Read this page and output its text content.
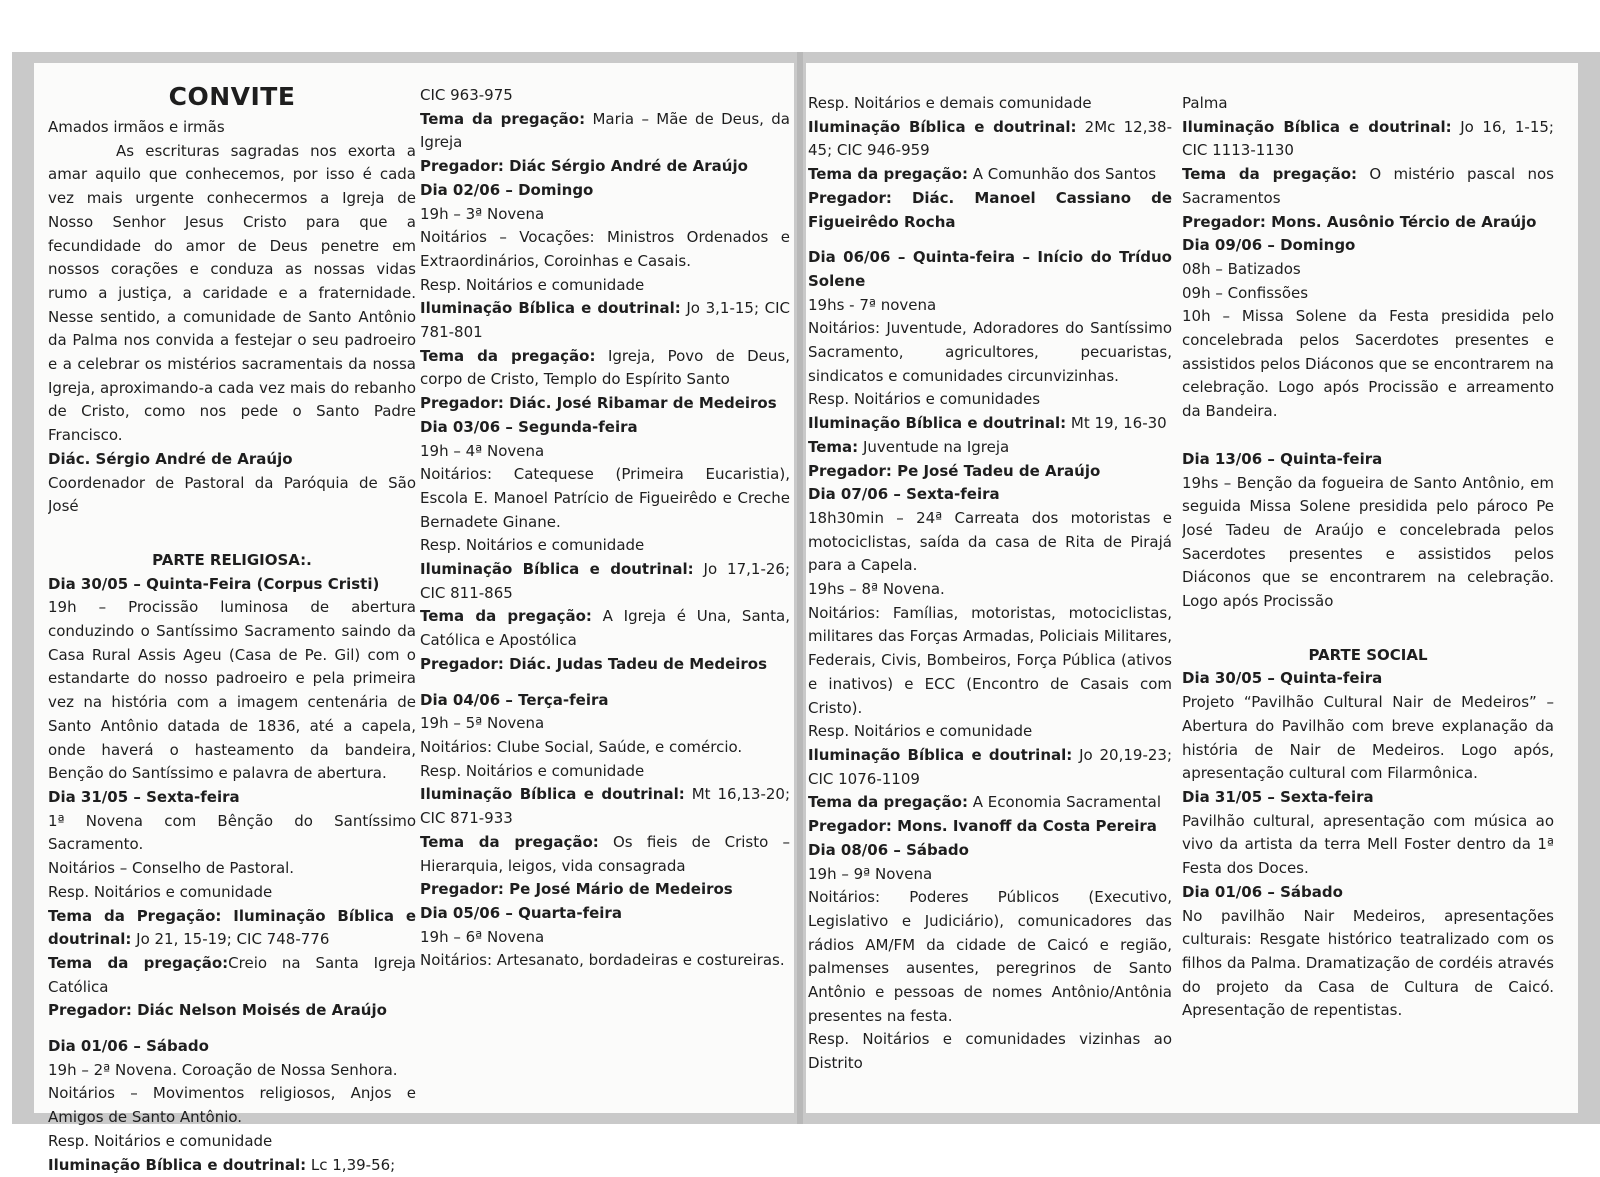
CONVITE

Amados irmãos e irmãs

As escrituras sagradas nos exorta a amar aquilo que conhecemos, por isso é cada vez mais urgente conhecermos a Igreja de Nosso Senhor Jesus Cristo para que a fecundidade do amor de Deus penetre em nossos corações e conduza as nossas vidas rumo a justiça, a caridade e a fraternidade. Nesse sentido, a comunidade de Santo Antônio da Palma nos convida a festejar o seu padroeiro e a celebrar os mistérios sacramentais da nossa Igreja, aproximando-a cada vez mais do rebanho de Cristo, como nos pede o Santo Padre Francisco.

Diác. Sérgio André de Araújo

Coordenador de Pastoral da Paróquia de São José

PARTE RELIGIOSA:.

Dia 30/05 – Quinta-Feira (Corpus Cristi)

19h – Procissão luminosa de abertura conduzindo o Santíssimo Sacramento saindo da Casa Rural Assis Ageu (Casa de Pe. Gil) com o estandarte do nosso padroeiro e pela primeira vez na história com a imagem centenária de Santo Antônio datada de 1836, até a capela, onde haverá o hasteamento da bandeira, Benção do Santíssimo e palavra de abertura.

Dia 31/05 – Sexta-feira

1ª Novena com Bênção do Santíssimo Sacramento.

Noitários – Conselho de Pastoral.

Resp. Noitários e comunidade

Tema da Pregação: Iluminação Bíblica e doutrinal: Jo 21, 15-19; CIC 748-776

Tema da pregação:Creio na Santa Igreja Católica

Pregador: Diác Nelson Moisés de Araújo

Dia 01/06 – Sábado

19h – 2ª Novena. Coroação de Nossa Senhora.

Noitários – Movimentos religiosos, Anjos e Amigos de Santo Antônio.

Resp. Noitários e comunidade

Iluminação Bíblica e doutrinal: Lc 1,39-56;

CIC 963-975

Tema da pregação: Maria – Mãe de Deus, da Igreja

Pregador: Diác Sérgio André de Araújo

Dia 02/06 – Domingo

19h – 3ª Novena

Noitários – Vocações: Ministros Ordenados e Extraordinários, Coroinhas e Casais.

Resp. Noitários e comunidade

Iluminação Bíblica e doutrinal: Jo 3,1-15; CIC 781-801

Tema da pregação: Igreja, Povo de Deus, corpo de Cristo, Templo do Espírito Santo

Pregador: Diác. José Ribamar de Medeiros

Dia 03/06 – Segunda-feira

19h – 4ª Novena

Noitários: Catequese (Primeira Eucaristia), Escola E. Manoel Patrício de Figueirêdo e Creche Bernadete Ginane.

Resp. Noitários e comunidade

Iluminação Bíblica e doutrinal: Jo 17,1-26; CIC 811-865

Tema da pregação: A Igreja é Una, Santa, Católica e Apostólica

Pregador: Diác. Judas Tadeu de Medeiros

Dia 04/06 – Terça-feira

19h – 5ª Novena

Noitários: Clube Social, Saúde, e comércio.

Resp. Noitários e comunidade

Iluminação Bíblica e doutrinal: Mt 16,13-20; CIC 871-933

Tema da pregação: Os fieis de Cristo – Hierarquia, leigos, vida consagrada

Pregador: Pe José Mário de Medeiros

Dia 05/06 – Quarta-feira

19h – 6ª Novena

Noitários: Artesanato, bordadeiras e costureiras.

Resp. Noitários e demais comunidade

Iluminação Bíblica e doutrinal: 2Mc 12,38-45; CIC 946-959

Tema da pregação: A Comunhão dos Santos

Pregador: Diác. Manoel Cassiano de Figueirêdo Rocha

Dia 06/06 – Quinta-feira – Início do Tríduo Solene

19hs - 7ª novena

Noitários: Juventude, Adoradores do Santíssimo Sacramento, agricultores, pecuaristas, sindicatos e comunidades circunvizinhas.

Resp. Noitários e comunidades

Iluminação Bíblica e doutrinal: Mt 19, 16-30

Tema: Juventude na Igreja

Pregador: Pe José Tadeu de Araújo

Dia 07/06 – Sexta-feira

18h30min – 24ª Carreata dos motoristas e motociclistas, saída da casa de Rita de Pirajá para a Capela.

19hs – 8ª Novena.

Noitários: Famílias, motoristas, motociclistas, militares das Forças Armadas, Policiais Militares, Federais, Civis, Bombeiros, Força Pública (ativos e inativos) e ECC (Encontro de Casais com Cristo).

Resp. Noitários e comunidade

Iluminação Bíblica e doutrinal: Jo 20,19-23; CIC 1076-1109

Tema da pregação: A Economia Sacramental

Pregador: Mons. Ivanoff da Costa Pereira

Dia 08/06 – Sábado

19h – 9ª Novena

Noitários: Poderes Públicos (Executivo, Legislativo e Judiciário), comunicadores das rádios AM/FM da cidade de Caicó e região, palmenses ausentes, peregrinos de Santo Antônio e pessoas de nomes Antônio/Antônia presentes na festa.

Resp. Noitários e comunidades vizinhas ao Distrito

Palma

Iluminação Bíblica e doutrinal: Jo 16, 1-15; CIC 1113-1130

Tema da pregação: O mistério pascal nos Sacramentos

Pregador: Mons. Ausônio Tércio de Araújo

Dia 09/06 – Domingo

08h – Batizados

09h – Confissões

10h – Missa Solene da Festa presidida pelo concelebrada pelos Sacerdotes presentes e assistidos pelos Diáconos que se encontrarem na celebração. Logo após Procissão e arreamento da Bandeira.

Dia 13/06 – Quinta-feira

19hs – Benção da fogueira de Santo Antônio, em seguida Missa Solene presidida pelo pároco Pe José Tadeu de Araújo e concelebrada pelos Sacerdotes presentes e assistidos pelos Diáconos que se encontrarem na celebração. Logo após Procissão

PARTE SOCIAL

Dia 30/05 – Quinta-feira

Projeto “Pavilhão Cultural Nair de Medeiros” – Abertura do Pavilhão com breve explanação da história de Nair de Medeiros. Logo após, apresentação cultural com Filarmônica.

Dia 31/05 – Sexta-feira

Pavilhão cultural, apresentação com música ao vivo da artista da terra Mell Foster dentro da 1ª Festa dos Doces.

Dia 01/06 – Sábado

No pavilhão Nair Medeiros, apresentações culturais: Resgate histórico teatralizado com os filhos da Palma. Dramatização de cordéis através do projeto da Casa de Cultura de Caicó. Apresentação de repentistas.
